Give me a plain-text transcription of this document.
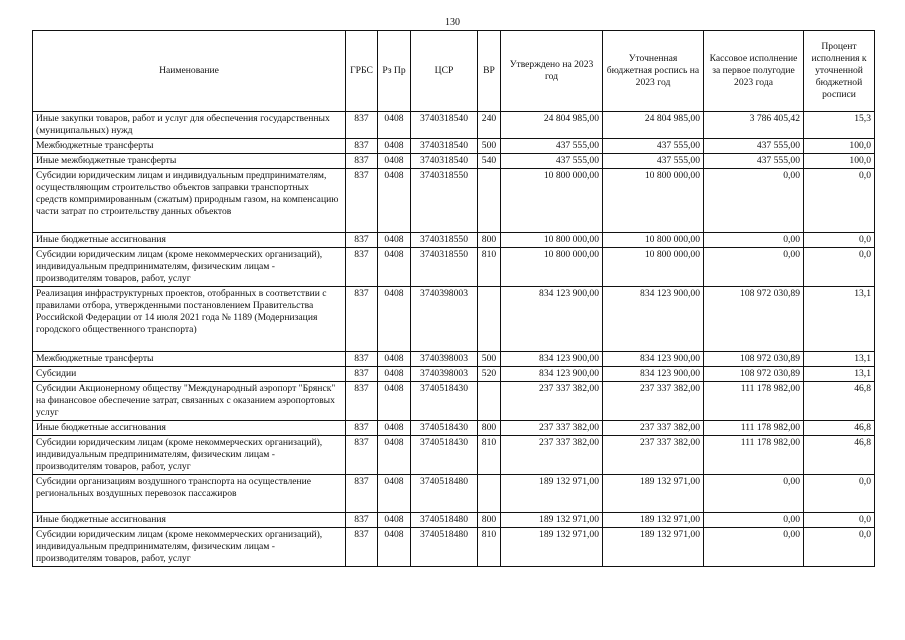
130
Наименование	ГРБС	Рз Пр	ЦСР	ВР	Утверждено на 2023 год	Уточненная бюджетная роспись на 2023 год	Кассовое исполнение за первое полугодие 2023 года	Процент исполнения к уточненной бюджетной росписи
Иные закупки товаров, работ и услуг для обеспечения государственных (муниципальных) нужд	837	0408	3740318540	240	24 804 985,00	24 804 985,00	3 786 405,42	15,3
Межбюджетные трансферты	837	0408	3740318540	500	437 555,00	437 555,00	437 555,00	100,0
Иные межбюджетные трансферты	837	0408	3740318540	540	437 555,00	437 555,00	437 555,00	100,0
Субсидии юридическим лицам и индивидуальным предпринимателям, осуществляющим строительство объектов заправки транспортных средств компримированным (сжатым) природным газом, на компенсацию части затрат по строительству данных объектов	837	0408	3740318550		10 800 000,00	10 800 000,00	0,00	0,0
Иные бюджетные ассигнования	837	0408	3740318550	800	10 800 000,00	10 800 000,00	0,00	0,0
Субсидии юридическим лицам (кроме некоммерческих организаций), индивидуальным предпринимателям, физическим лицам - производителям товаров, работ, услуг	837	0408	3740318550	810	10 800 000,00	10 800 000,00	0,00	0,0
Реализация инфраструктурных проектов, отобранных в соответствии с правилами отбора, утвержденными постановлением Правительства Российской Федерации от 14 июля 2021 года № 1189 (Модернизация городского общественного транспорта)	837	0408	3740398003		834 123 900,00	834 123 900,00	108 972 030,89	13,1
Межбюджетные трансферты	837	0408	3740398003	500	834 123 900,00	834 123 900,00	108 972 030,89	13,1
Субсидии	837	0408	3740398003	520	834 123 900,00	834 123 900,00	108 972 030,89	13,1
Субсидии Акционерному обществу "Международный аэропорт "Брянск" на финансовое обеспечение затрат, связанных с оказанием аэропортовых услуг	837	0408	3740518430		237 337 382,00	237 337 382,00	111 178 982,00	46,8
Иные бюджетные ассигнования	837	0408	3740518430	800	237 337 382,00	237 337 382,00	111 178 982,00	46,8
Субсидии юридическим лицам (кроме некоммерческих организаций), индивидуальным предпринимателям, физическим лицам - производителям товаров, работ, услуг	837	0408	3740518430	810	237 337 382,00	237 337 382,00	111 178 982,00	46,8
Субсидии организациям воздушного транспорта на осуществление региональных воздушных перевозок пассажиров	837	0408	3740518480		189 132 971,00	189 132 971,00	0,00	0,0
Иные бюджетные ассигнования	837	0408	3740518480	800	189 132 971,00	189 132 971,00	0,00	0,0
Субсидии юридическим лицам (кроме некоммерческих организаций), индивидуальным предпринимателям, физическим лицам - производителям товаров, работ, услуг	837	0408	3740518480	810	189 132 971,00	189 132 971,00	0,00	0,0
